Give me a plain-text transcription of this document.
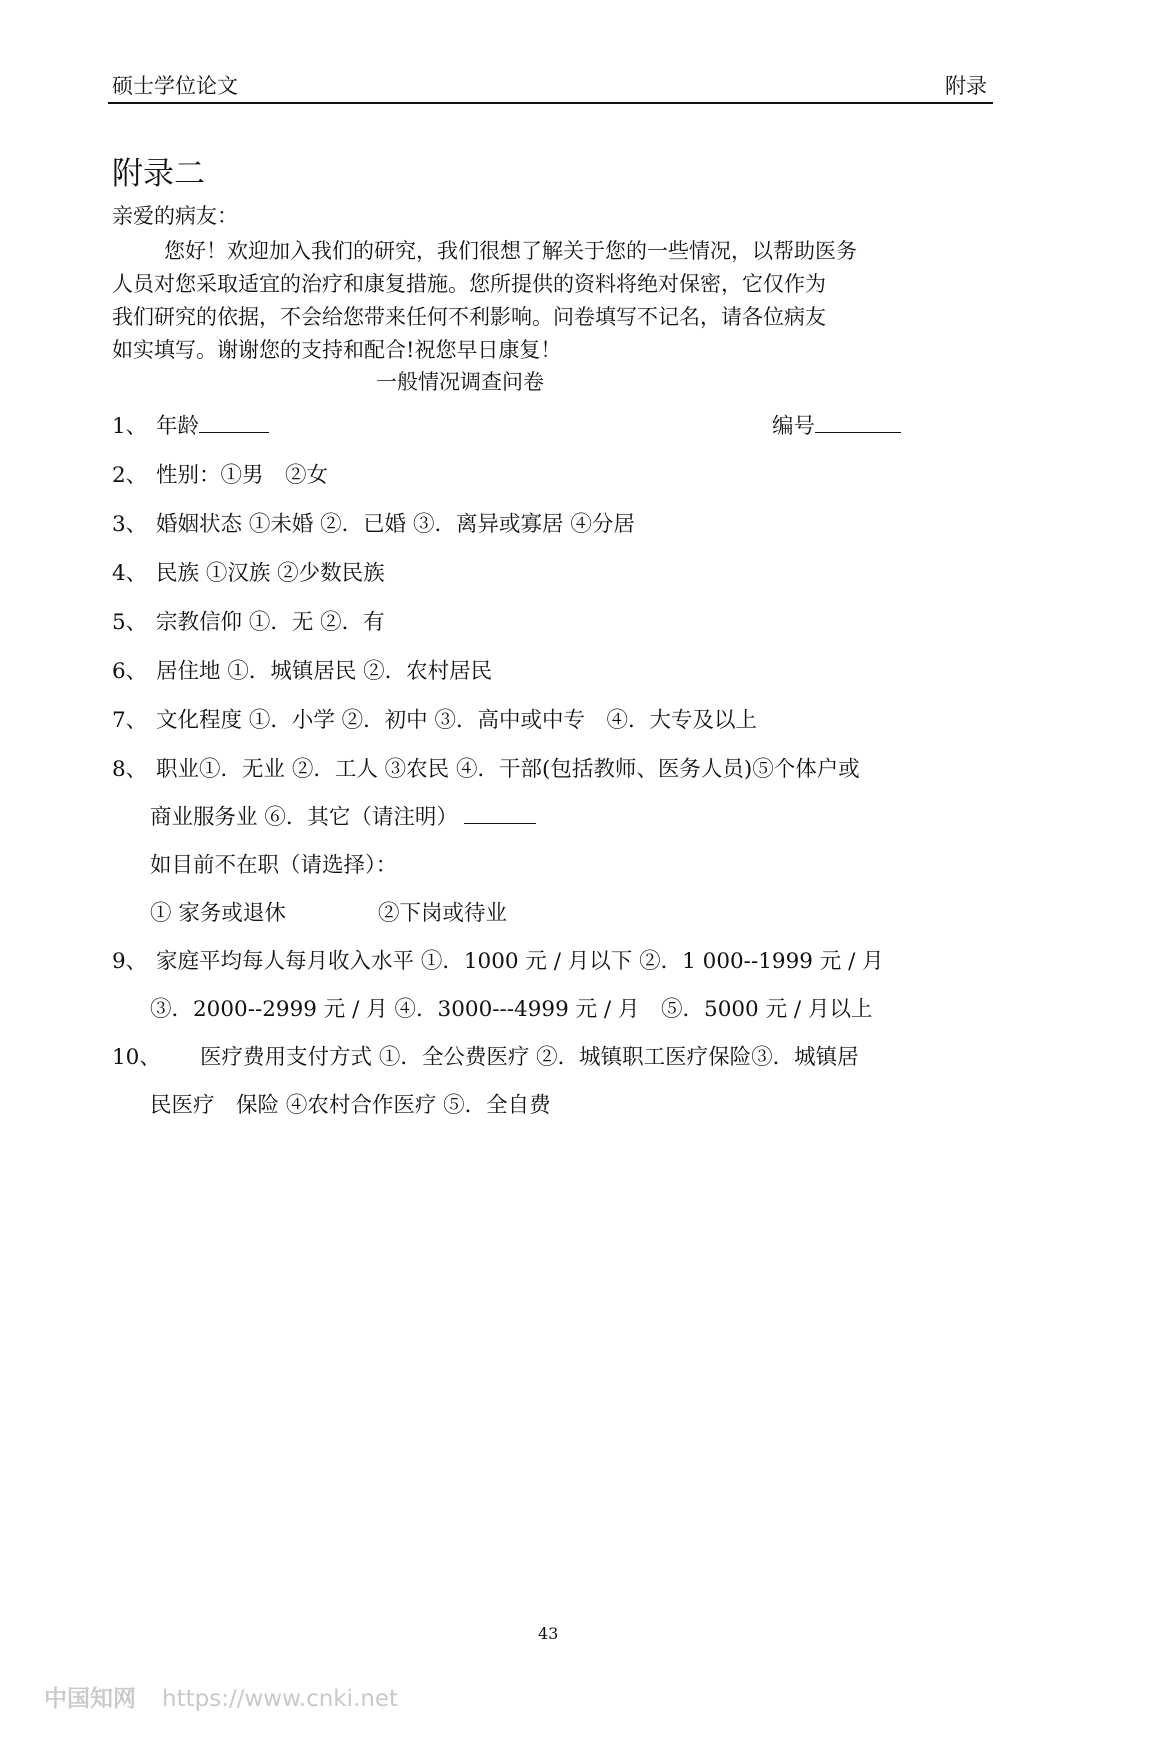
硕士学位论文	附录
附录二
亲爱的病友：
您好！欢迎加入我们的研究，我们很想了解关于您的一些情况，以帮助医务
人员对您采取适宜的治疗和康复措施。您所提供的资料将绝对保密，它仅作为
我们研究的依据，不会给您带来任何不利影响。问卷填写不记名，请各位病友
如实填写。谢谢您的支持和配合!祝您早日康复！
一般情况调查问卷
1、 年龄	编号
2、 性别：①男　②女
3、 婚姻状态 ①未婚 ②．已婚 ③．离异或寡居 ④分居
4、 民族 ①汉族 ②少数民族
5、 宗教信仰 ①．无 ②．有
6、 居住地 ①．城镇居民 ②．农村居民
7、 文化程度 ①．小学 ②．初中 ③．高中或中专　④．大专及以上
8、 职业①．无业 ②．工人 ③农民 ④．干部(包括教师、医务人员)⑤个体户或
商业服务业 ⑥．其它（请注明）
如目前不在职（请选择）：
① 家务或退休	②下岗或待业
9、 家庭平均每人每月收入水平 ①．1000 元 / 月以下 ②．1 000--1999 元 / 月
③．2000--2999 元 / 月 ④．3000---4999 元 / 月　⑤．5000 元 / 月以上
10、 医疗费用支付方式 ①．全公费医疗 ②．城镇职工医疗保险③．城镇居
民医疗　保险 ④农村合作医疗 ⑤．全自费
43
中国知网 https://www.cnki.net
